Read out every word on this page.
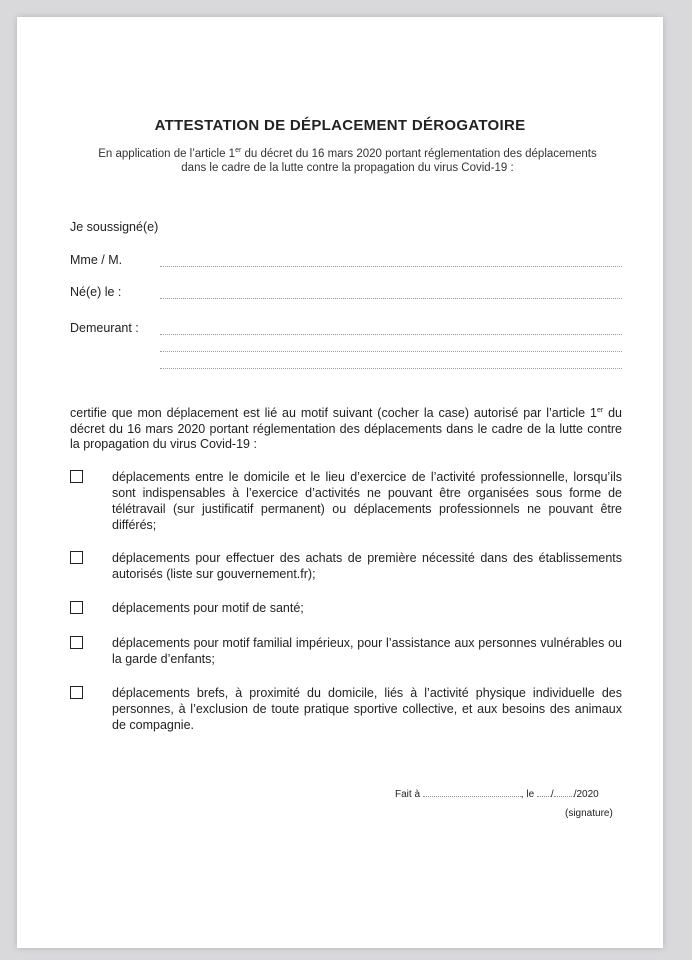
ATTESTATION DE DÉPLACEMENT DÉROGATOIRE
En application de l’article 1er du décret du 16 mars 2020 portant réglementation des déplacements dans le cadre de la lutte contre la propagation du virus Covid-19 :
Je soussigné(e)
Mme / M.
Né(e) le :
Demeurant :
certifie que mon déplacement est lié au motif suivant (cocher la case) autorisé par l’article 1er du décret du 16 mars 2020 portant réglementation des déplacements dans le cadre de la lutte contre la propagation du virus Covid-19 :
déplacements entre le domicile et le lieu d’exercice de l’activité professionnelle, lorsqu’ils sont indispensables à l’exercice d’activités ne pouvant être organisées sous forme de télétravail (sur justificatif permanent) ou déplacements professionnels ne pouvant être différés;
déplacements pour effectuer des achats de première nécessité dans des établissements autorisés (liste sur gouvernement.fr);
déplacements pour motif de santé;
déplacements pour motif familial impérieux, pour l’assistance aux personnes vulnérables ou la garde d’enfants;
déplacements brefs, à proximité du domicile, liés à l’activité physique individuelle des personnes, à l’exclusion de toute pratique sportive collective, et aux besoins des animaux de compagnie.
Fait à	, le / /2020
(signature)
